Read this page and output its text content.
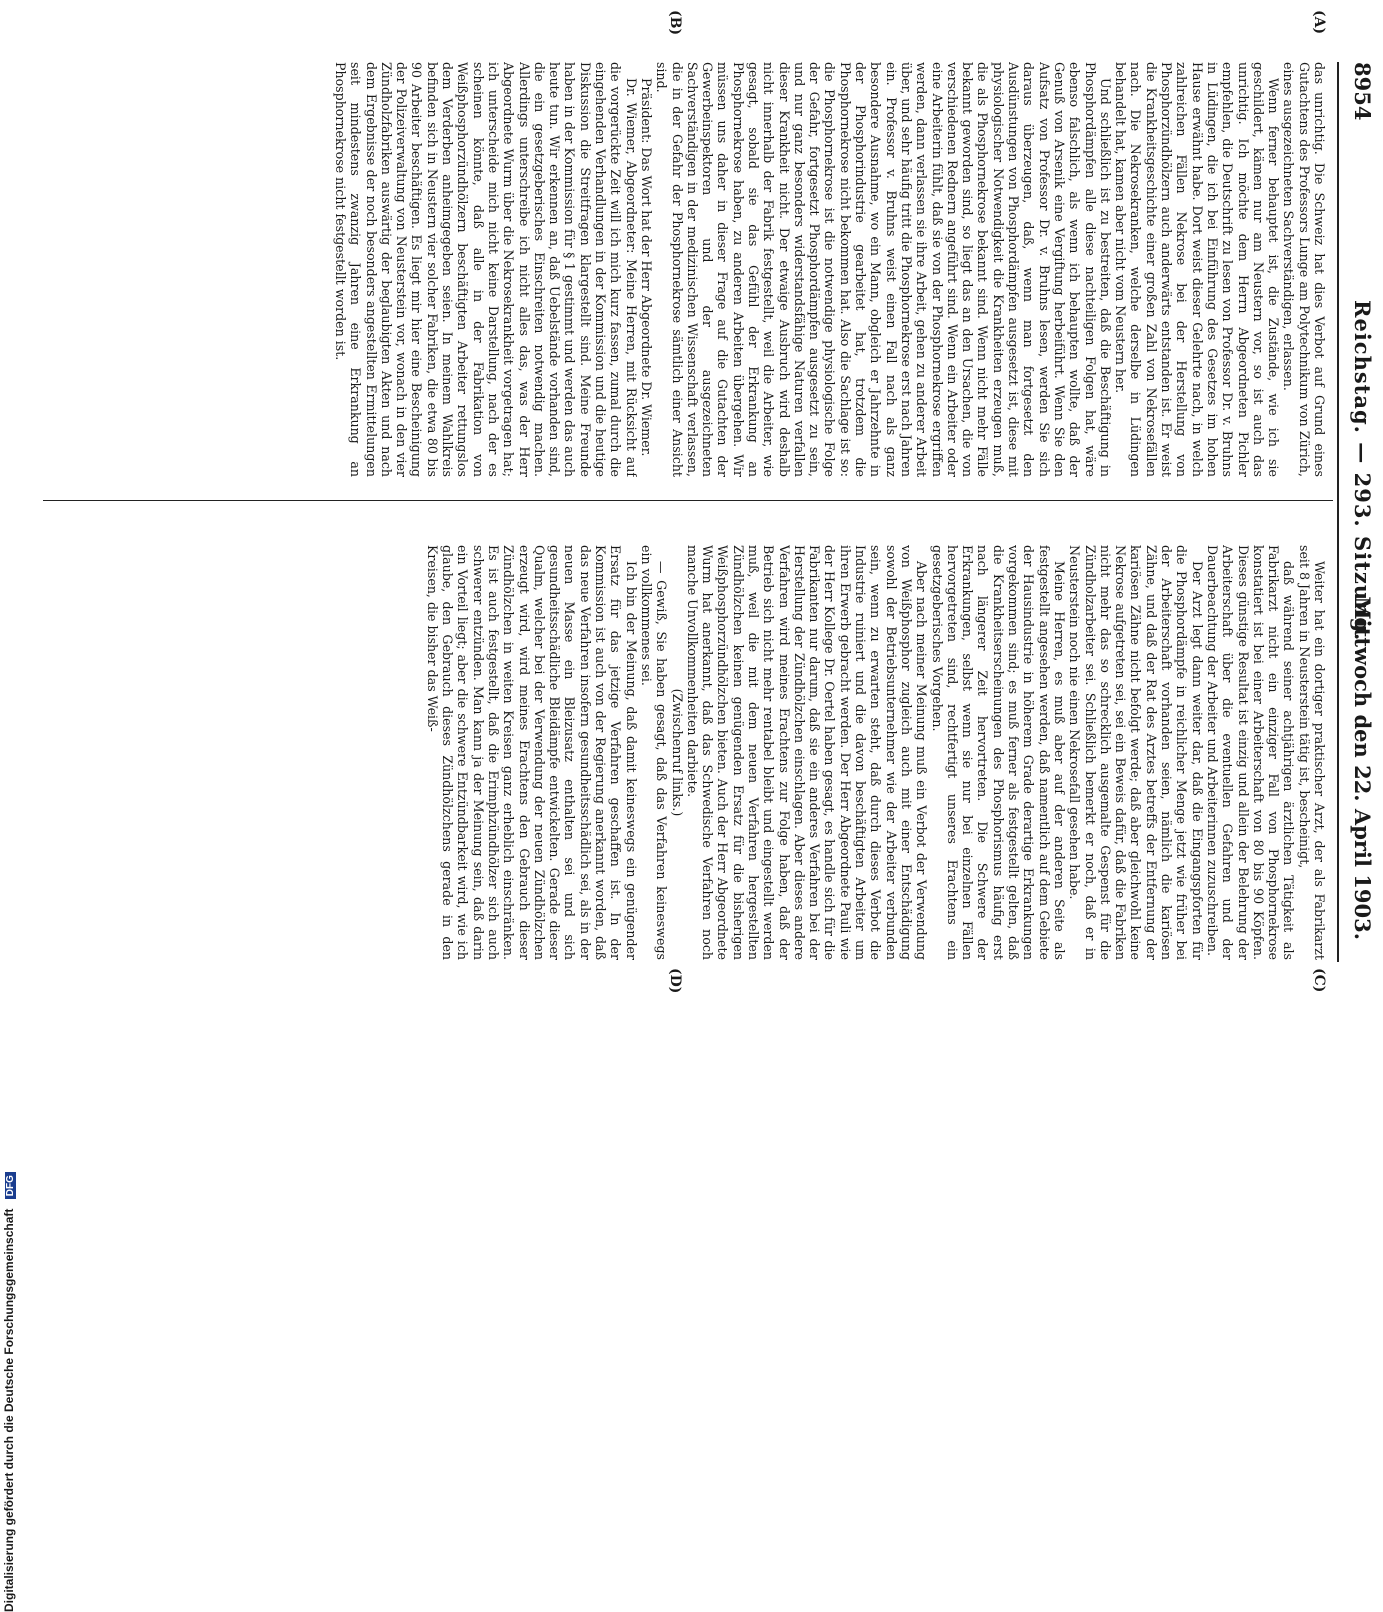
8954
Reichstag. — 293. Sitzung.
Mittwoch den 22. April 1903.
(A)
(B)
(C)
(D)

das unrichtig. Die Schweiz hat dies Verbot auf Grund eines Gutachtens des Professors Lunge am Polytechnikum von Zürich, eines ausgezeichneten Sachverständigen, erlassen.

Wenn ferner behauptet ist, die Zustände, wie ich sie geschildert, kämen nur am Neustern vor, so ist auch das unrichtig. Ich möchte dem Herrn Abgeordneten Pichler empfehlen, die Deutschrift zu lesen von Professor Dr. v. Bruhns in Lüdingen, die ich bei Einführung des Gesetzes im hohen Hause erwähnt habe. Dort weist dieser Gelehrte nach, in welch zahlreichen Fällen Nekrose bei der Herstellung von Phosphorzündhölzern auch anderwärts entstanden ist. Er weist die Krankheitsgeschichte einer großen Zahl von Nekrosefällen nach. Die Nekrosekranken, welche derselbe in Lüdingen behandelt hat, kamen aber nicht vom Neustern her.

Und schließlich ist zu bestreiten, daß die Beschäftigung in Phosphordämpfen alle diese nachteiligen Folgen hat, wäre ebenso falschlich, als wenn ich behaupten wollte, daß der Genuß von Arsenik eine Vergiftung herbeiführt. Wenn Sie den Aufsatz von Professor Dr. v. Bruhns lesen, werden Sie sich daraus überzeugen, daß, wenn man fortgesetzt den Ausdünstungen von Phosphordämpfen ausgesetzt ist, diese mit physiologischer Notwendigkeit die Krankheiten erzeugen muß, die als Phosphornekrose bekannt sind. Wenn nicht mehr Fälle bekannt geworden sind, so liegt das an den Ursachen, die von verschiedenen Rednern angeführt sind. Wenn ein Arbeiter oder eine Arbeiterin fühlt, daß sie von der Phosphornekrose ergriffen werden, dann verlassen sie ihre Arbeit, gehen zu anderer Arbeit über, und sehr häufig tritt die Phosphornekrose erst nach Jahren ein. Professor v. Bruhns weist einen Fall nach als ganz besondere Ausnahme, wo ein Mann, obgleich er Jahrzehnte in der Phosphorindustrie gearbeitet hat, trotzdem die Phosphornekrose nicht bekommen hat. Also die Sachlage ist so: die Phosphornekrose ist die notwendige physiologische Folge der Gefahr, fortgesetzt Phosphordämpfen ausgesetzt zu sein, und nur ganz besonders widerstandsfähige Naturen verfallen dieser Krankheit nicht. Der etwaige Ausbruch wird deshalb nicht innerhalb der Fabrik festgestellt, weil die Arbeiter, wie gesagt, sobald sie das Gefühl der Erkrankung an Phosphornekrose haben, zu anderen Arbeiten übergehen. Wir müssen uns daher in dieser Frage auf die Gutachten der Gewerbeinspektoren und der ausgezeichneten Sachverständigen in der medizinischen Wissenschaft verlassen, die in der Gefahr der Phosphornekrose sämtlich einer Ansicht sind.

Präsident: Das Wort hat der Herr Abgeordnete Dr. Wiemer.

Dr. Wiemer, Abgeordneter: Meine Herren, mit Rücksicht auf die vorgerückte Zeit will ich mich kurz fassen, zumal durch die eingehenden Verhandlungen in der Kommission und die heutige Diskussion die Streitfragen klargestellt sind. Meine Freunde haben in der Kommission für § 1 gestimmt und werden das auch heute tun. Wir erkennen an, daß Uebelstände vorhanden sind, die ein gesetzgeberisches Einschreiten notwendig machen. Allerdings unterschreibe ich nicht alles das, was der Herr Abgeordnete Wurm über die Nekrosekrankheit vorgetragen hat; ich unterscheide mich nicht keine Darstellung, nach der es scheinen könnte, daß alle in der Fabrikation von Weißphosphorzündhölzern beschäftigten Arbeiter rettungslos dem Verderben anheimgegeben seien. In meinem Wahlkreis befinden sich in Neustern vier solcher Fabriken, die etwa 80 bis 90 Arbeiter beschäftigen. Es liegt mir hier eine Bescheinigung der Polizeiverwaltung von Neusterstein vor, wonach in den vier Zündholzfabriken auswärtig der beglaubigten Akten und nach dem Ergebnisse der noch besonders angestellten Ermittelungen seit mindestens zwanzig Jahren eine Erkrankung an Phosphornekrose nicht festgestellt worden ist.

Weiter hat ein dortiger praktischer Arzt, der als Fabrikarzt seit 8 Jahren in Neusterstein tätig ist, bescheinigt,

daß während seiner achtjährigen ärztlichen Tätigkeit als Fabrikarzt nicht ein einziger Fall von Phosphornekrose konstatiert ist bei einer Arbeiterschaft von 80 bis 90 Köpfen. Dieses günstige Resultat ist einzig und allein der Belehrung der Arbeiterschaft über die eventuellen Gefahren und der Dauerbeachtung der Arbeiter und Arbeiterinnen zuzuschreiben.

Der Arzt legt dann weiter dar, daß die Eingangspforten für die Phosphordämpfe in reichlicher Menge jetzt wie früher bei der Arbeiterschaft vorhanden seien, nämlich die kariösen Zähne, und daß der Rat des Arztes betreffs der Entfernung der kariösen Zähne nicht befolgt werde; daß aber gleichwohl keine Nekrose aufgetreten sei, sei ein Beweis dafür, daß die Fabriken nicht mehr das so schrecklich ausgemalte Gespenst für die Zündholzarbeiter sei. Schließlich bemerkt er noch, daß er in Neusterstein noch nie einen Nekrosefall gesehen habe.

Meine Herren, es muß aber auf der anderen Seite als festgestellt angesehen werden, daß namentlich auf dem Gebiete der Hausindustrie in höherem Grade derartige Erkrankungen vorgekommen sind; es muß ferner als festgestellt gelten, daß die Krankheitserscheinungen des Phosphorismus häufig erst nach längerer Zeit hervortreten. Die Schwere der Erkrankungen, selbst wenn sie nur bei einzelnen Fällen hervorgetreten sind, rechtfertigt unseres Erachtens ein gesetzgeberisches Vorgehen.

Aber nach meiner Meinung muß ein Verbot der Verwendung von Weißphosphor zugleich auch mit einer Entschädigung sowohl der Betriebsunternehmer wie der Arbeiter verbunden sein, wenn zu erwarten steht, daß durch dieses Verbot die Industrie ruiniert und die davon beschäftigten Arbeiter um ihren Erwerb gebracht werden. Der Herr Abgeordnete Pauli wie der Herr Kollege Dr. Oertel haben gesagt, es handle sich für die Fabrikanten nur darum, daß sie ein anderes Verfahren bei der Herstellung der Zündhölzchen einschlagen. Aber dieses andere Verfahren wird meines Erachtens zur Folge haben, daß der Betrieb sich nicht mehr rentabel bleibt und eingestellt werden muß, weil die mit dem neuen Verfahren hergestellten Zündhölzchen keinen genügenden Ersatz für die bisherigen Weißphosphorzündhölzchen bieten. Auch der Herr Abgeordnete Wurm hat anerkannt, daß das Schwedische Verfahren noch manche Unvollkommenheiten darbiete.

(Zwischenruf links.)

— Gewiß, Sie haben gesagt, daß das Verfahren keineswegs ein vollkommenes sei.

Ich bin der Meinung, daß damit keineswegs ein genügender Ersatz für das jetzige Verfahren geschaffen ist. In der Kommission ist auch von der Regierung anerkannt worden, daß das neue Verfahren insofern gesundheitsschädlich sei, als in der neuen Masse ein Bleizusatz enthalten sei und sich gesundheitsschädliche Bleidämpfe entwickelten. Gerade dieser Qualm, welcher bei der Verwendung der neuen Zündhölzchen erzeugt wird, wird meines Erachtens den Gebrauch dieser Zündhölzchen in weiten Kreisen ganz erheblich einschränken. Es ist auch festgestellt, daß die Erimphzündhölzer sich auch schwerer entzünden. Man kann ja der Meinung sein, daß darin ein Vorteil liegt; aber die schwere Entzündbarkeit wird, wie ich glaube, den Gebrauch dieses Zündhölzchens gerade in den Kreisen, die bisher das Weiß-

Digitalisierung gefördert durch die Deutsche Forschungsgemeinschaft DFG
